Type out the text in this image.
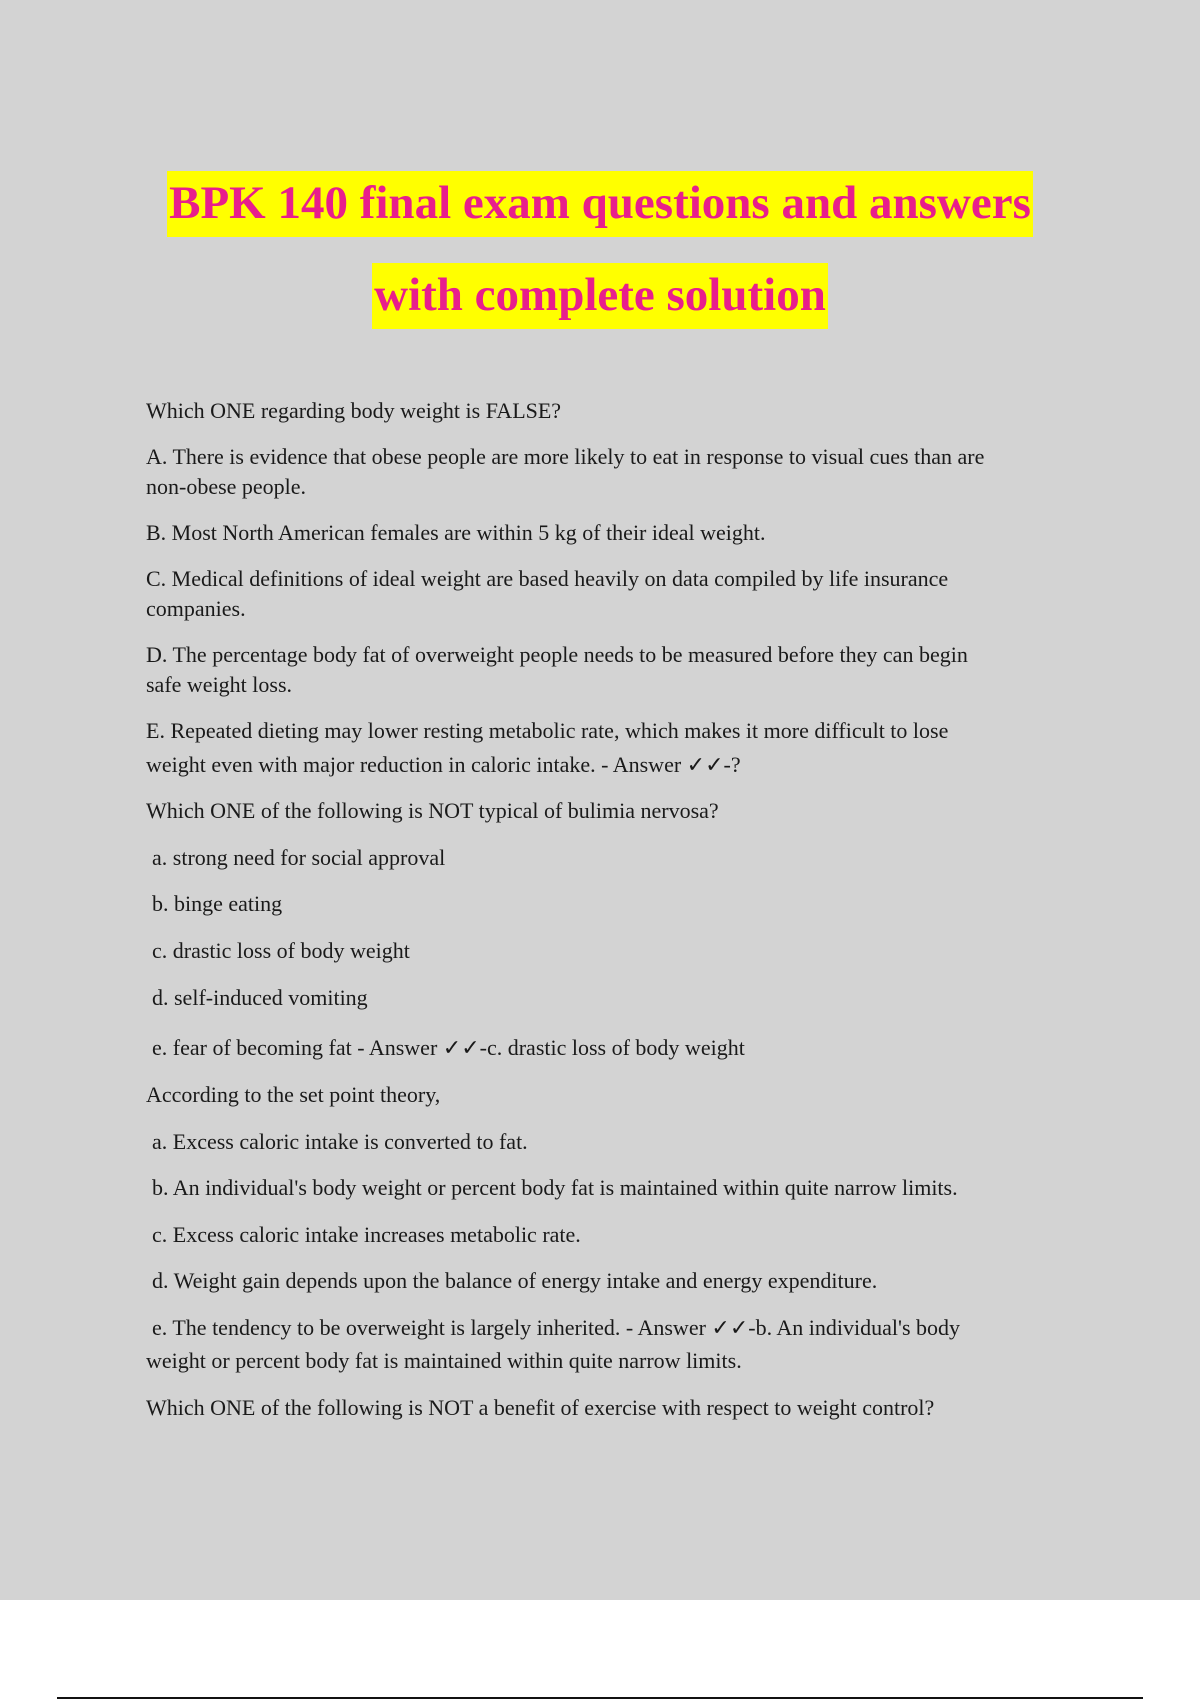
BPK 140 final exam questions and answers
with complete solution
Which ONE regarding body weight is FALSE?
A. There is evidence that obese people are more likely to eat in response to visual cues than are
non-obese people.
B. Most North American females are within 5 kg of their ideal weight.
C. Medical definitions of ideal weight are based heavily on data compiled by life insurance
companies.
D. The percentage body fat of overweight people needs to be measured before they can begin
safe weight loss.
E. Repeated dieting may lower resting metabolic rate, which makes it more difficult to lose
weight even with major reduction in caloric intake. - Answer ✓✓-?
Which ONE of the following is NOT typical of bulimia nervosa?
a. strong need for social approval
b. binge eating
c. drastic loss of body weight
d. self-induced vomiting
e. fear of becoming fat - Answer ✓✓-c. drastic loss of body weight
According to the set point theory,
a. Excess caloric intake is converted to fat.
b. An individual's body weight or percent body fat is maintained within quite narrow limits.
c. Excess caloric intake increases metabolic rate.
d. Weight gain depends upon the balance of energy intake and energy expenditure.
e. The tendency to be overweight is largely inherited. - Answer ✓✓-b. An individual's body
weight or percent body fat is maintained within quite narrow limits.
Which ONE of the following is NOT a benefit of exercise with respect to weight control?
